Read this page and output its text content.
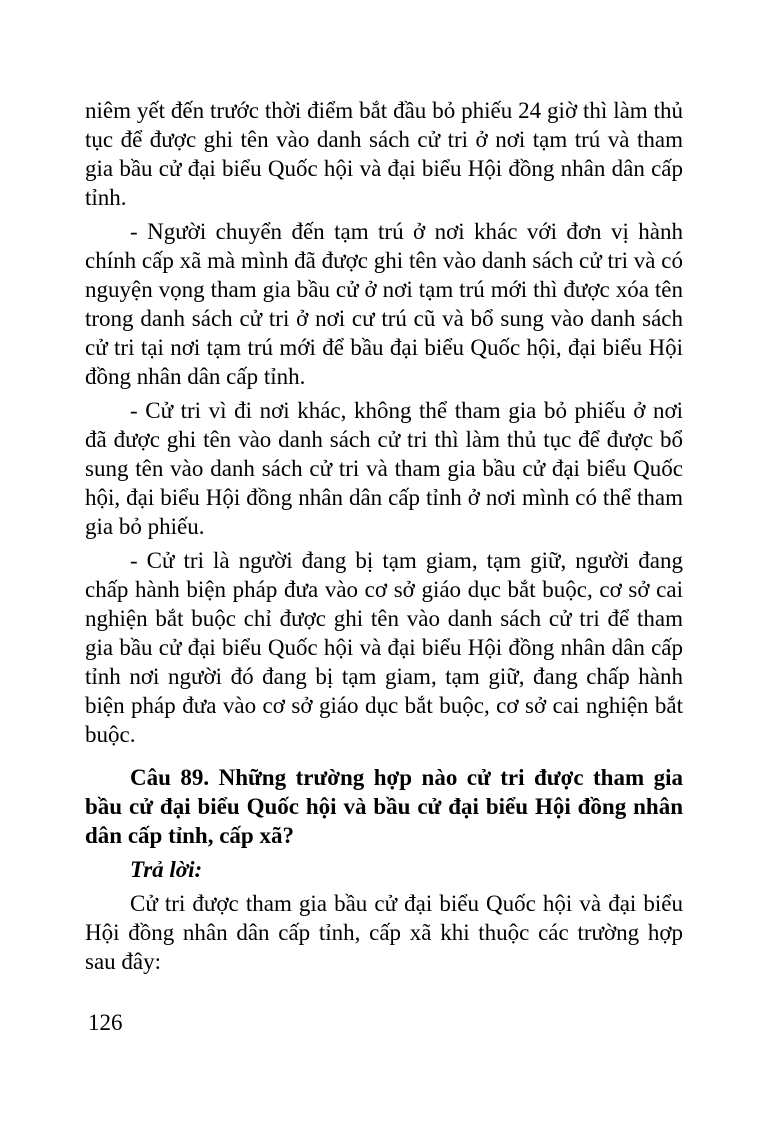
niêm yết đến trước thời điểm bắt đầu bỏ phiếu 24 giờ thì làm thủ tục để được ghi tên vào danh sách cử tri ở nơi tạm trú và tham gia bầu cử đại biểu Quốc hội và đại biểu Hội đồng nhân dân cấp tỉnh.

- Người chuyển đến tạm trú ở nơi khác với đơn vị hành chính cấp xã mà mình đã được ghi tên vào danh sách cử tri và có nguyện vọng tham gia bầu cử ở nơi tạm trú mới thì được xóa tên trong danh sách cử tri ở nơi cư trú cũ và bổ sung vào danh sách cử tri tại nơi tạm trú mới để bầu đại biểu Quốc hội, đại biểu Hội đồng nhân dân cấp tỉnh.

- Cử tri vì đi nơi khác, không thể tham gia bỏ phiếu ở nơi đã được ghi tên vào danh sách cử tri thì làm thủ tục để được bổ sung tên vào danh sách cử tri và tham gia bầu cử đại biểu Quốc hội, đại biểu Hội đồng nhân dân cấp tỉnh ở nơi mình có thể tham gia bỏ phiếu.

- Cử tri là người đang bị tạm giam, tạm giữ, người đang chấp hành biện pháp đưa vào cơ sở giáo dục bắt buộc, cơ sở cai nghiện bắt buộc chỉ được ghi tên vào danh sách cử tri để tham gia bầu cử đại biểu Quốc hội và đại biểu Hội đồng nhân dân cấp tỉnh nơi người đó đang bị tạm giam, tạm giữ, đang chấp hành biện pháp đưa vào cơ sở giáo dục bắt buộc, cơ sở cai nghiện bắt buộc.

Câu 89. Những trường hợp nào cử tri được tham gia bầu cử đại biểu Quốc hội và bầu cử đại biểu Hội đồng nhân dân cấp tỉnh, cấp xã?

Trả lời:

Cử tri được tham gia bầu cử đại biểu Quốc hội và đại biểu Hội đồng nhân dân cấp tỉnh, cấp xã khi thuộc các trường hợp sau đây:

126
